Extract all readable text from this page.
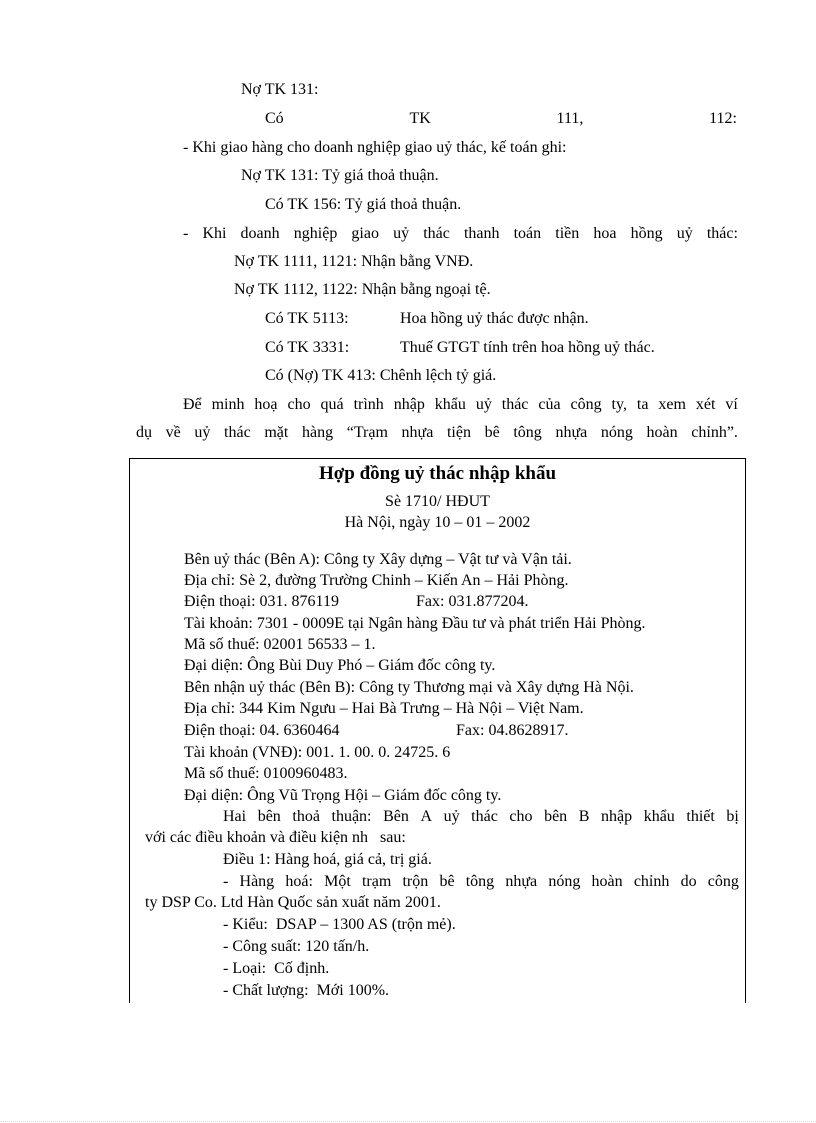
Nợ TK 131:
Có	TK	111,	112:
- Khi giao hàng cho doanh nghiệp giao uỷ thác, kế toán ghi:
Nợ TK 131: Tỷ giá thoả thuận.
Có TK 156: Tỷ giá thoả thuận.
- Khi doanh nghiệp giao uỷ thác thanh toán tiền hoa hồng uỷ thác:
Nợ TK 1111, 1121: Nhận bằng VNĐ.
Nợ TK 1112, 1122: Nhận bằng ngoại tệ.
Có TK 5113:	Hoa hồng uỷ thác được nhận.
Có TK 3331:	Thuế GTGT tính trên hoa hồng uỷ thác.
Có (Nợ) TK 413: Chênh lệch tỷ giá.
Để minh hoạ cho quá trình nhập khẩu uỷ thác của công ty, ta xem xét ví
dụ về uỷ thác mặt hàng “Trạm nhựa tiện bê tông nhựa nóng hoàn chỉnh”.
Hợp đồng uỷ thác nhập khẩu
Sè 1710/ HĐUT
Hà Nội, ngày 10 – 01 – 2002
Bên uỷ thác (Bên A): Công ty Xây dựng – Vật tư và Vận tải.
Địa chỉ: Sè 2, đường Trường Chinh – Kiến An – Hải Phòng.
Điện thoại: 031. 876119	Fax: 031.877204.
Tài khoản: 7301 - 0009E tại Ngân hàng Đầu tư và phát triển Hải Phòng.
Mã số thuế: 02001 56533 – 1.
Đại diện: Ông Bùi Duy Phó – Giám đốc công ty.
Bên nhận uỷ thác (Bên B): Công ty Thương mại và Xây dựng Hà Nội.
Địa chỉ: 344 Kim Ngưu – Hai Bà Trưng – Hà Nội – Việt Nam.
Điện thoại: 04. 6360464	Fax: 04.8628917.
Tài khoản (VNĐ): 001. 1. 00. 0. 24725. 6
Mã số thuế: 0100960483.
Đại diện: Ông Vũ Trọng Hội – Giám đốc công ty.
Hai bên thoả thuận: Bên A uỷ thác cho bên B nhập khẩu thiết bị
với các điều khoản và điều kiện nh   sau:
Điều 1: Hàng hoá, giá cả, trị giá.
- Hàng hoá: Một trạm trộn bê tông nhựa nóng hoàn chỉnh do công
ty DSP Co. Ltd Hàn Quốc sản xuất năm 2001.
- Kiểu:  DSAP – 1300 AS (trộn mẻ).
- Công suất: 120 tấn/h.
- Loại:  Cố định.
- Chất lượng:  Mới 100%.
